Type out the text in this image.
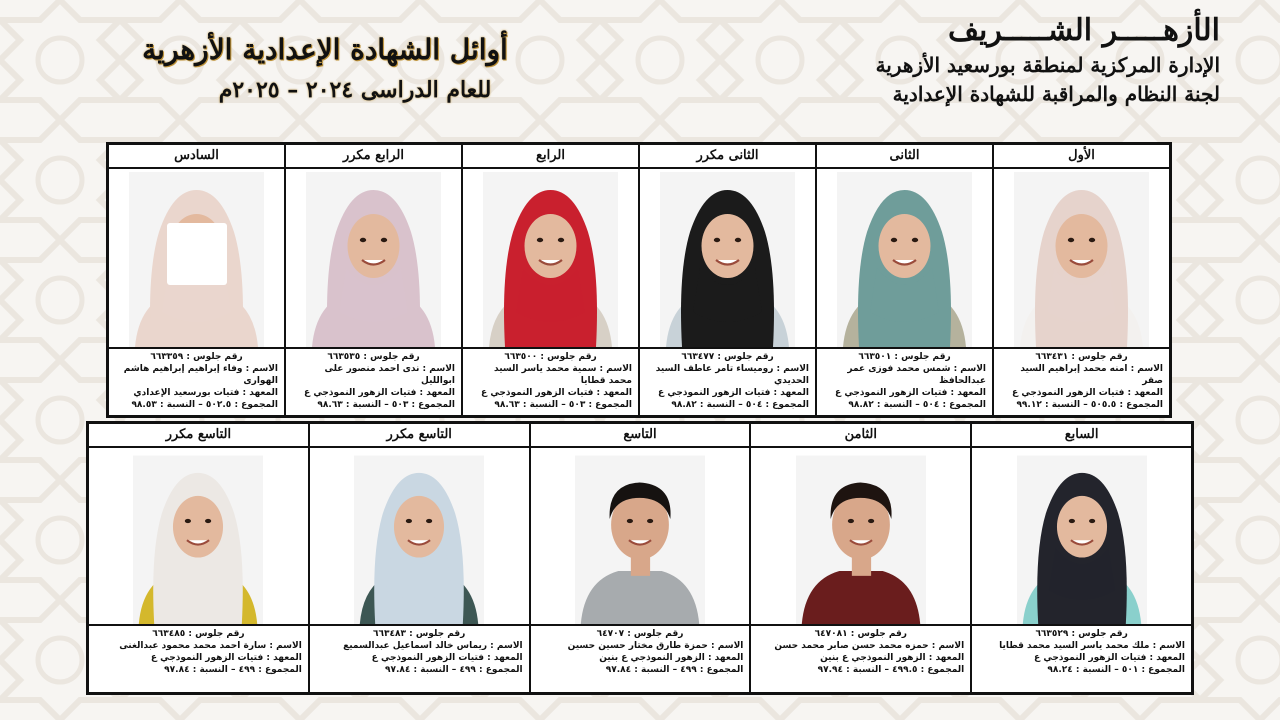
الأزهـــــر الشـــــريف
الإدارة المركزية لمنطقة بورسعيد الأزهرية
لجنة النظام والمراقبة للشهادة الإعدادية
أوائل الشهادة الإعدادية الأزهرية
للعام الدراسى ٢٠٢٤ – ٢٠٢٥م
الأول
رقم جلوس : ٦٦٣٤٣١
الاسم : امنه محمد إبراهيم السيد صقر
المعهد : فتيات الزهور النموذجي ع
المجموع : ٥٠٥.٥ – النسبة : ٩٩.١٢
الثانى
رقم جلوس : ٦٦٣٥٠١
الاسم : شمس محمد فوزى عمر عبدالحافظ
المعهد : فتيات الزهور النموذجي ع
المجموع : ٥٠٤ – النسبة : ٩٨.٨٢
الثانى مكرر
رقم جلوس : ٦٦٣٤٧٧
الاسم : روميساء تامر عاطف السيد الحديدي
المعهد : فتيات الزهور النموذجي ع
المجموع : ٥٠٤ – النسبة : ٩٨.٨٢
الرابع
رقم جلوس : ٦٦٣٥٠٠
الاسم : سمية محمد ياسر السيد محمد قطايا
المعهد : فتيات الزهور النموذجي ع
المجموع : ٥٠٣ – النسبة : ٩٨.٦٣
الرابع مكرر
رقم جلوس : ٦٦٣٥٣٥
الاسم : ندى احمد منصور على ابوالليل
المعهد : فتيات الزهور النموذجي ع
المجموع : ٥٠٣ – النسبة : ٩٨.٦٣
السادس
رقم جلوس : ٦٦٣٣٥٩
الاسم : وفاء إبراهيم إبراهيم هاشم الهوارى
المعهد : فتيات بورسعيد الإعدادي
المجموع : ٥٠٢.٥ – النسبة : ٩٨.٥٣
السابع
رقم جلوس : ٦٦٣٥٢٩
الاسم : ملك محمد ياسر السيد محمد قطايا
المعهد : فتيات الزهور النموذجي ع
المجموع : ٥٠١ – النسبة : ٩٨.٢٤
الثامن
رقم جلوس : ٦٤٧٠٨١
الاسم : حمزه محمد حسن صابر محمد حسن
المعهد : الزهور النموذجي ع بنين
المجموع : ٤٩٩.٥ – النسبة : ٩٧.٩٤
التاسع
رقم جلوس : ٦٤٧٠٧
الاسم : حمزة طارق مختار حسين حسين
المعهد : الزهور النموذجي ع بنين
المجموع : ٤٩٩ – النسبة : ٩٧.٨٤
التاسع مكرر
رقم جلوس : ٦٦٣٤٨٣
الاسم : ريماس خالد اسماعيل عبدالسميع
المعهد : فتيات الزهور النموذجي ع
المجموع : ٤٩٩ – النسبة : ٩٧.٨٤
التاسع مكرر
رقم جلوس : ٦٦٣٤٨٥
الاسم : سارة احمد محمد محمود عبدالغنى
المعهد : فتيات الزهور النموذجي ع
المجموع : ٤٩٩ – النسبة : ٩٧.٨٤
